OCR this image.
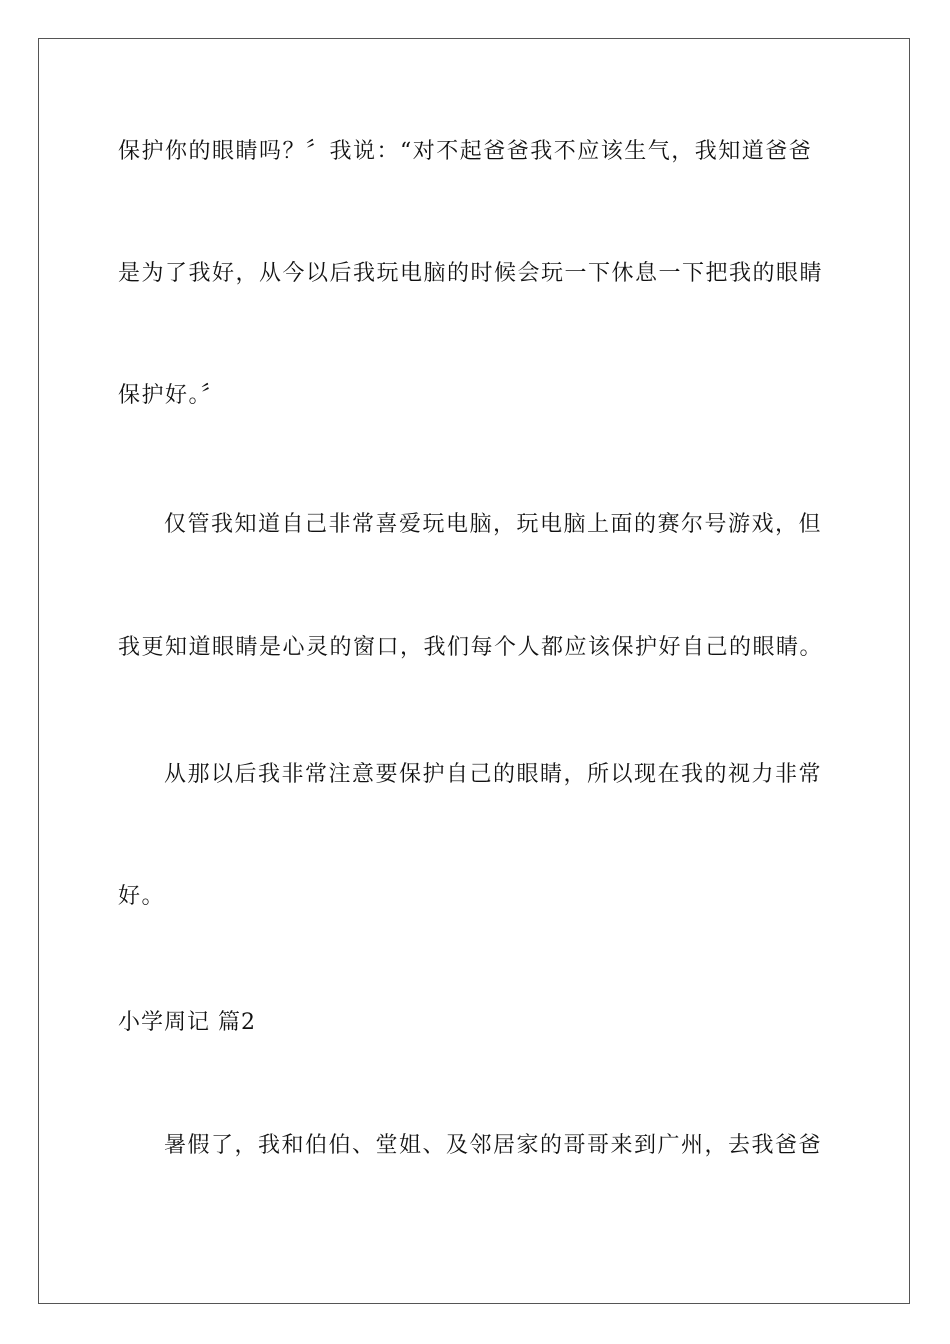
保护你的眼睛吗？〞我说：“对不起爸爸我不应该生气，我知道爸爸
是为了我好，从今以后我玩电脑的时候会玩一下休息一下把我的眼睛
保护好。〞
仅管我知道自己非常喜爱玩电脑，玩电脑上面的赛尔号游戏，但
我更知道眼睛是心灵的窗口，我们每个人都应该保护好自己的眼睛。
从那以后我非常注意要保护自己的眼睛，所以现在我的视力非常
好。
小学周记 篇2
暑假了，我和伯伯、堂姐、及邻居家的哥哥来到广州，去我爸爸
